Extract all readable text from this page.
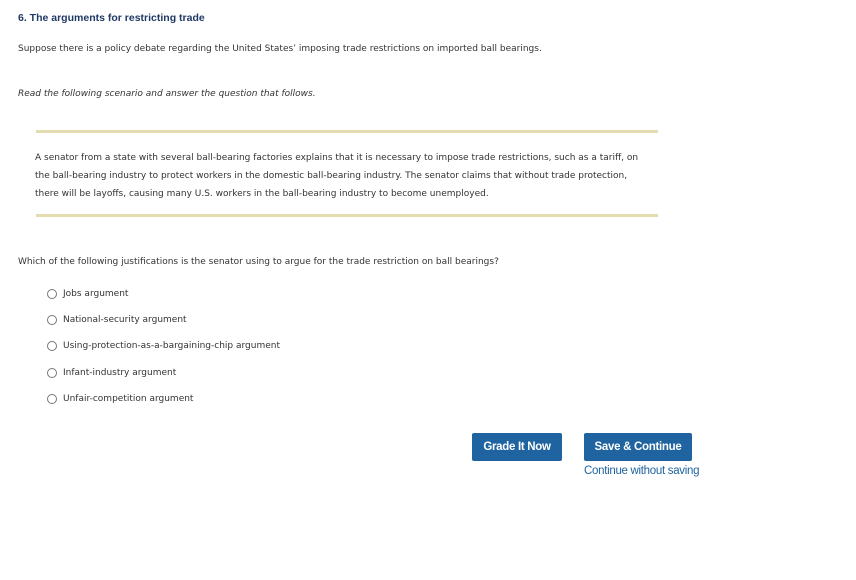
6. The arguments for restricting trade
Suppose there is a policy debate regarding the United States’ imposing trade restrictions on imported ball bearings.
Read the following scenario and answer the question that follows.
A senator from a state with several ball-bearing factories explains that it is necessary to impose trade restrictions, such as a tariff, on the ball-bearing industry to protect workers in the domestic ball-bearing industry. The senator claims that without trade protection, there will be layoffs, causing many U.S. workers in the ball-bearing industry to become unemployed.
Which of the following justifications is the senator using to argue for the trade restriction on ball bearings?
Jobs argument
National-security argument
Using-protection-as-a-bargaining-chip argument
Infant-industry argument
Unfair-competition argument
Grade It Now	Save & Continue
Continue without saving
